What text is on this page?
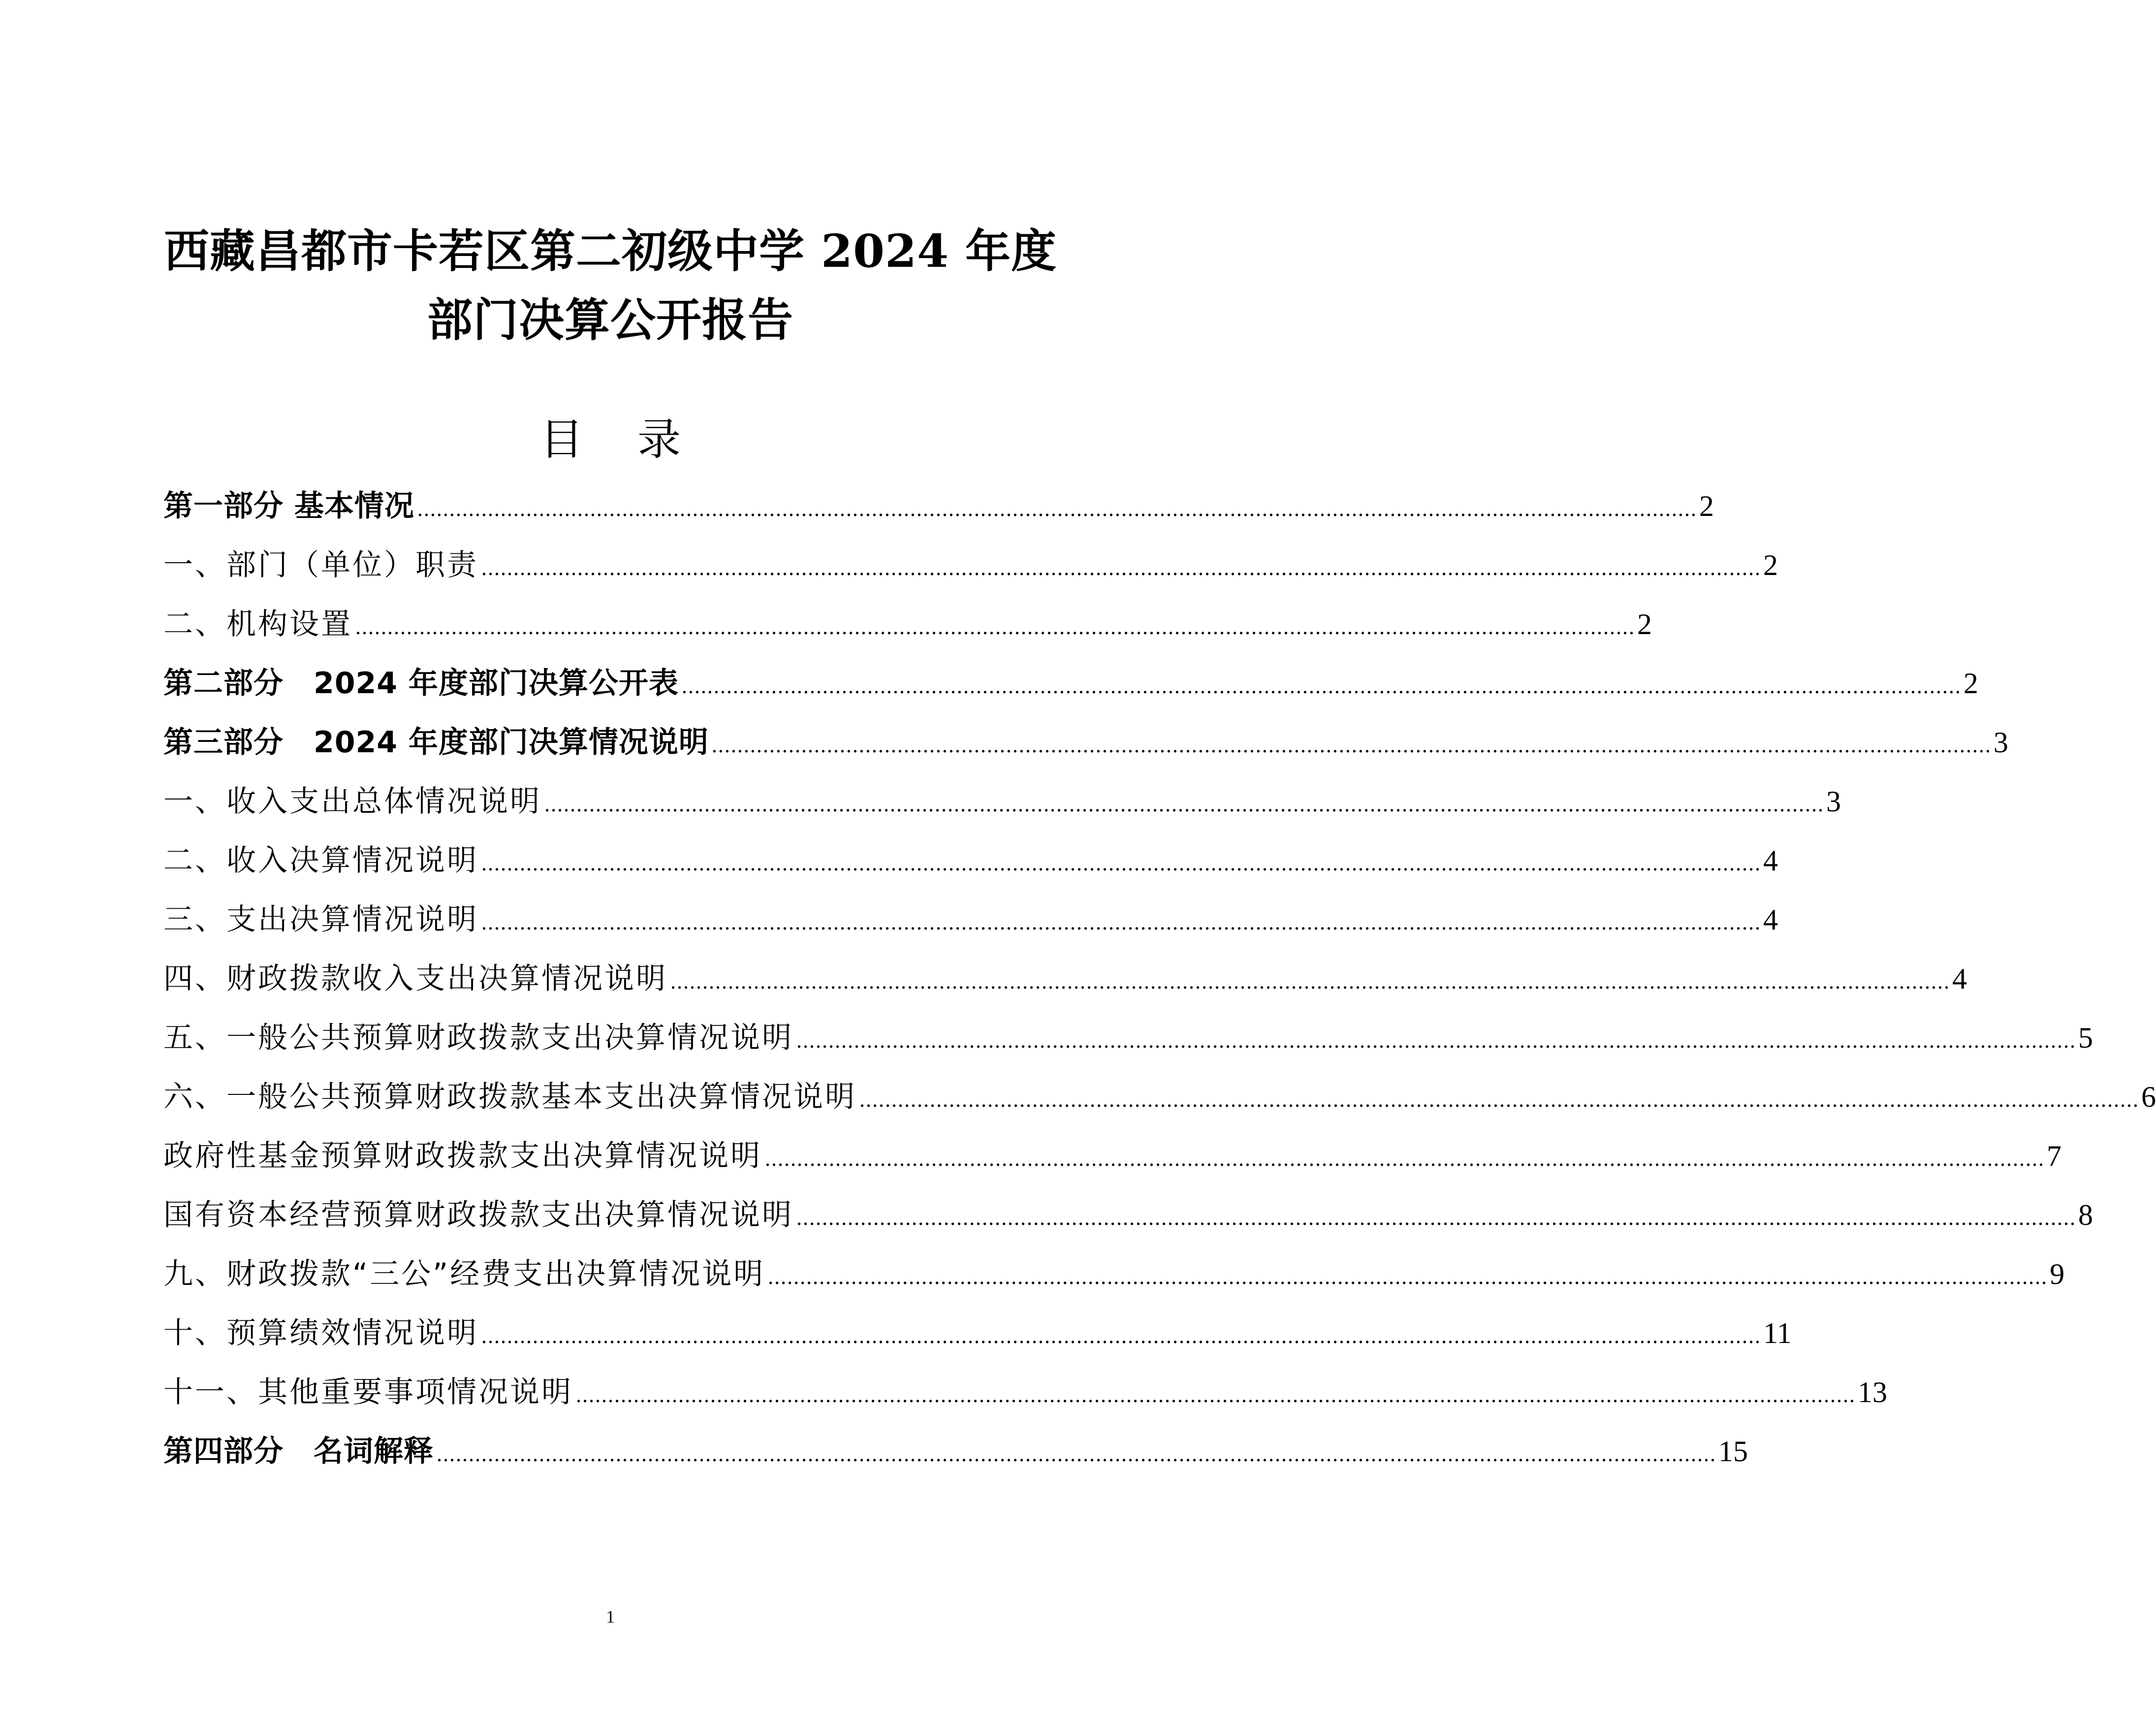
西藏昌都市卡若区第二初级中学 2024 年度
部门决算公开报告
目录
第一部分 基本情况 ........................................................................................................................................................................................................ 2
一、部门（单位）职责 ........................................................................................................................................................................................................ 2
二、机构设置 ........................................................................................................................................................................................................ 2
第二部分　2024 年度部门决算公开表 ........................................................................................................................................................................................................ 2
第三部分　2024 年度部门决算情况说明 ........................................................................................................................................................................................................ 3
一、收入支出总体情况说明 ........................................................................................................................................................................................................ 3
二、收入决算情况说明 ........................................................................................................................................................................................................ 4
三、支出决算情况说明 ........................................................................................................................................................................................................ 4
四、财政拨款收入支出决算情况说明 ........................................................................................................................................................................................................ 4
五、一般公共预算财政拨款支出决算情况说明 ........................................................................................................................................................................................................ 5
六、一般公共预算财政拨款基本支出决算情况说明 ........................................................................................................................................................................................................ 6
政府性基金预算财政拨款支出决算情况说明 ........................................................................................................................................................................................................ 7
国有资本经营预算财政拨款支出决算情况说明 ........................................................................................................................................................................................................ 8
九、财政拨款“三公”经费支出决算情况说明 ........................................................................................................................................................................................................ 9
十、预算绩效情况说明 ........................................................................................................................................................................................................ 11
十一、其他重要事项情况说明 ........................................................................................................................................................................................................ 13
第四部分　名词解释 ........................................................................................................................................................................................................ 15
1
